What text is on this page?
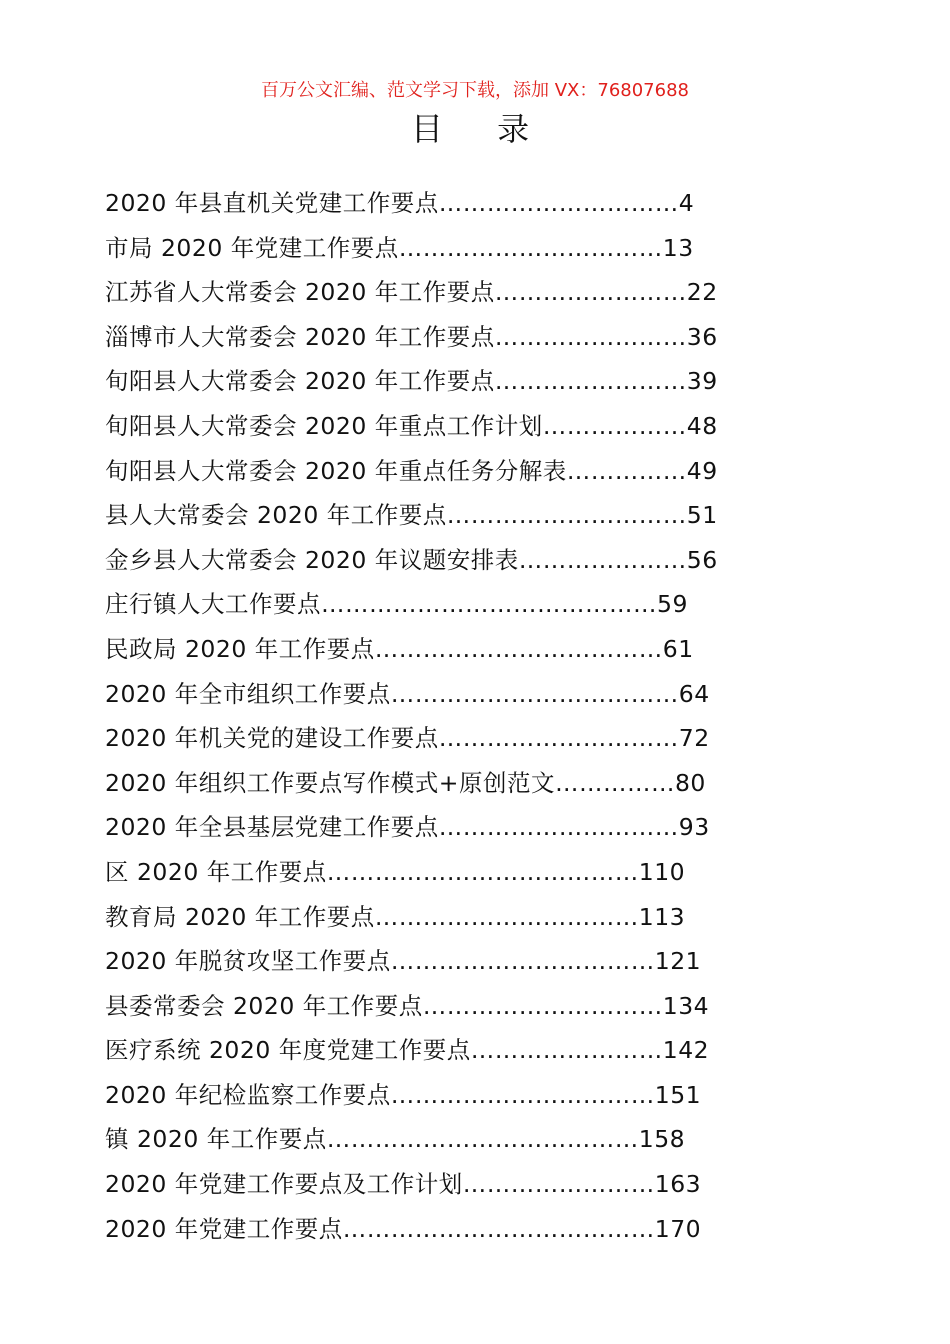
百万公文汇编、范文学习下载，添加 VX：76807688
目 录
2020 年县直机关党建工作要点…………………………4
市局 2020 年党建工作要点……………………………13
江苏省人大常委会 2020 年工作要点……………………22
淄博市人大常委会 2020 年工作要点……………………36
旬阳县人大常委会 2020 年工作要点……………………39
旬阳县人大常委会 2020 年重点工作计划………………48
旬阳县人大常委会 2020 年重点任务分解表……………49
县人大常委会 2020 年工作要点…………………………51
金乡县人大常委会 2020 年议题安排表…………………56
庄行镇人大工作要点……………………………………59
民政局 2020 年工作要点………………………………61
2020 年全市组织工作要点………………………………64
2020 年机关党的建设工作要点…………………………72
2020 年组织工作要点写作模式+原创范文……………80
2020 年全县基层党建工作要点…………………………93
区 2020 年工作要点…………………………………110
教育局 2020 年工作要点……………………………113
2020 年脱贫攻坚工作要点……………………………121
县委常委会 2020 年工作要点…………………………134
医疗系统 2020 年度党建工作要点……………………142
2020 年纪检监察工作要点……………………………151
镇 2020 年工作要点…………………………………158
2020 年党建工作要点及工作计划……………………163
2020 年党建工作要点…………………………………170
